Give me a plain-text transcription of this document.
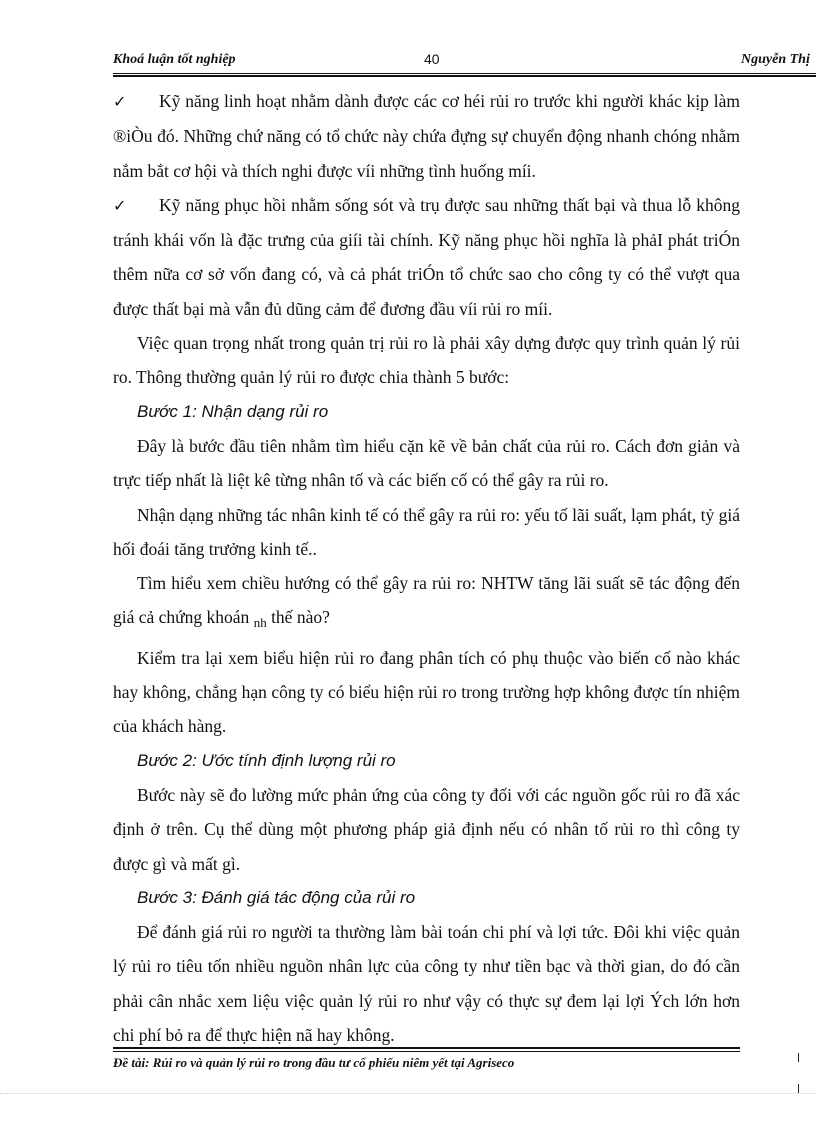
Khoá luận tốt nghiệp	40	Nguyễn Thị

✓ Kỹ năng linh hoạt nhằm dành được các cơ héi rủi ro trước khi người khác kịp làm ®iÒu đó. Những chứ năng có tổ chức này chứa đựng sự chuyển động nhanh chóng nhằm nắm bắt cơ hội và thích nghi được víi những tình huống míi.

✓ Kỹ năng phục hồi nhằm sống sót và trụ được sau những thất bại và thua lỗ không tránh khái vốn là đặc trưng của giíi tài chính. Kỹ năng phục hồi nghĩa là phảI phát triÓn thêm nữa cơ sở vốn đang có, và cả phát triÓn tổ chức sao cho công ty có thể vượt qua được thất bại mà vẫn đủ dũng cảm để đương đầu víi rủi ro míi.

Việc quan trọng nhất trong quản trị rủi ro là phải xây dựng được quy trình quản lý rủi ro. Thông thường quản lý rủi ro được chia thành 5 bước:

Bước 1: Nhận dạng rủi ro

Đây là bước đầu tiên nhằm tìm hiểu cặn kẽ về bản chất của rủi ro. Cách đơn giản và trực tiếp nhất là liệt kê từng nhân tố và các biến cố có thể gây ra rủi ro.

Nhận dạng những tác nhân kinh tế có thể gây ra rủi ro: yếu tố lãi suất, lạm phát, tỷ giá hối đoái tăng trưởng kinh tế..

Tìm hiểu xem chiều hướng có thể gây ra rủi ro: NHTW tăng lãi suất sẽ tác động đến giá cả chứng khoán $_{nh}$ thế nào?

Kiểm tra lại xem biểu hiện rủi ro đang phân tích có phụ thuộc vào biến cố nào khác hay không, chẳng hạn công ty có biểu hiện rủi ro trong trường hợp không được tín nhiệm của khách hàng.

Bước 2: Ước tính định lượng rủi ro

Bước này sẽ đo lường mức phản ứng của công ty đối với các nguồn gốc rủi ro đã xác định ở trên. Cụ thể dùng một phương pháp giả định nếu có nhân tố rủi ro thì công ty được gì và mất gì.

Bước 3: Đánh giá tác động của rủi ro

Để đánh giá rủi ro người ta thường làm bài toán chi phí và lợi tức. Đôi khi việc quản lý rủi ro tiêu tốn nhiều nguồn nhân lực của công ty như tiền bạc và thời gian, do đó cần phải cân nhắc xem liệu việc quản lý rủi ro như vậy có thực sự đem lại lợi Ých lớn hơn chi phí bỏ ra để thực hiện nã hay không.

Đề tài: Rủi ro và quản lý rủi ro trong đầu tư cổ phiếu niêm yết tại Agriseco
